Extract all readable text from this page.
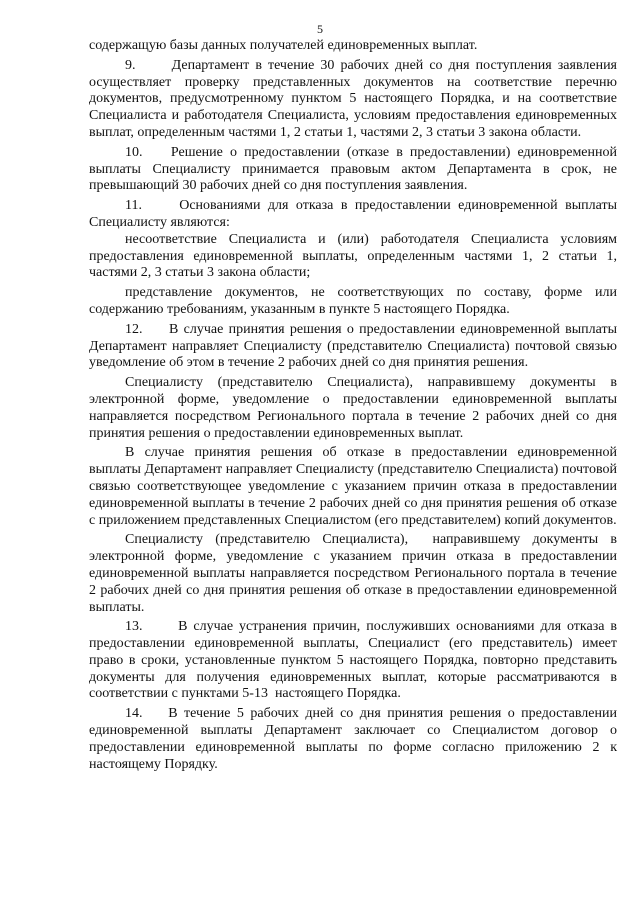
5

содержащую базы данных получателей единовременных выплат.

9.      Департамент в течение 30 рабочих дней со дня поступления заявления осуществляет проверку представленных документов на соответствие перечню документов, предусмотренному пунктом 5 настоящего Порядка, и на соответствие Специалиста и работодателя Специалиста, условиям предоставления единовременных выплат, определенным частями 1, 2 статьи 1, частями 2, 3 статьи 3 закона области.

10.    Решение о предоставлении (отказе в предоставлении) единовременной выплаты Специалисту принимается правовым актом Департамента в срок, не превышающий 30 рабочих дней со дня поступления заявления.

11.     Основаниями для отказа в предоставлении единовременной выплаты Специалисту являются:

несоответствие Специалиста и (или) работодателя Специалиста условиям предоставления единовременной выплаты, определенным частями 1, 2 статьи 1, частями 2, 3 статьи 3 закона области;

представление документов, не соответствующих по составу, форме или содержанию требованиям, указанным в пункте 5 настоящего Порядка.

12.     В случае принятия решения о предоставлении единовременной выплаты Департамент направляет Специалисту (представителю Специалиста) почтовой связью уведомление об этом в течение 2 рабочих дней со дня принятия решения.

Специалисту (представителю Специалиста), направившему документы в электронной форме, уведомление о предоставлении единовременной выплаты направляется посредством Регионального портала в течение 2 рабочих дней со дня принятия решения о предоставлении единовременных выплат.

В случае принятия решения об отказе в предоставлении единовременной выплаты Департамент направляет Специалисту (представителю Специалиста) почтовой связью соответствующее уведомление с указанием причин отказа в предоставлении единовременной выплаты в течение 2 рабочих дней со дня принятия решения об отказе с приложением представленных Специалистом (его представителем) копий документов.

Специалисту (представителю Специалиста),  направившему документы в электронной форме, уведомление с указанием причин отказа в предоставлении единовременной выплаты направляется посредством Регионального портала в течение 2 рабочих дней со дня принятия решения об отказе в предоставлении единовременной выплаты.

13.      В случае устранения причин, послуживших основаниями для отказа в предоставлении единовременной выплаты, Специалист (его представитель) имеет право в сроки, установленные пунктом 5 настоящего Порядка, повторно представить документы для получения единовременных выплат, которые рассматриваются в соответствии с пунктами 5-13  настоящего Порядка.

14.    В течение 5 рабочих дней со дня принятия решения о предоставлении единовременной выплаты Департамент заключает со Специалистом договор о предоставлении единовременной выплаты по форме согласно приложению 2 к настоящему Порядку.
